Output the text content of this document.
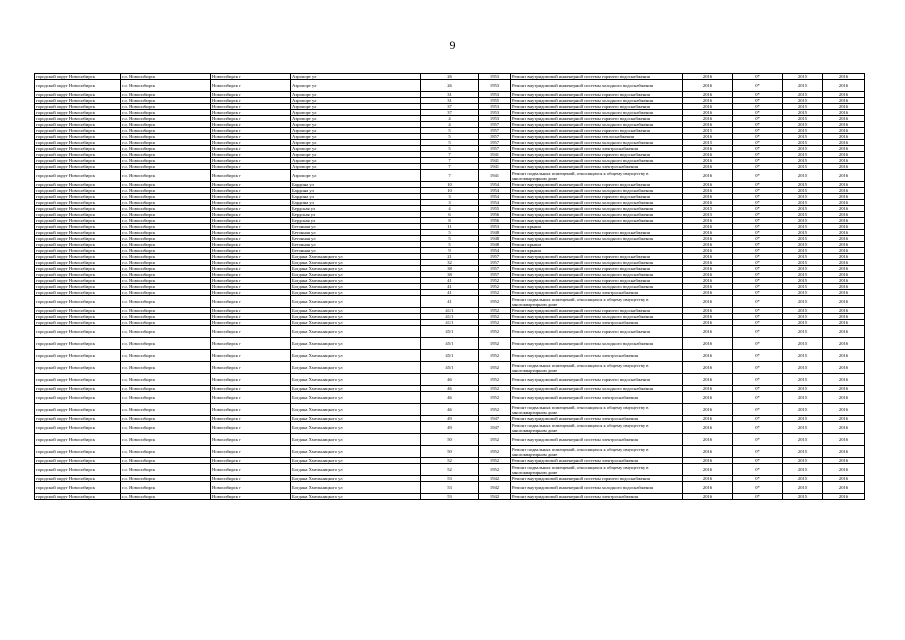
9
городской округ Новосибирск	г.о. Новосибирск	Новосибирск г	Аэропорт ул	26	1953	Ремонт внутридомовой инженерной системы горячего водоснабжения	2016	0*	2015	2016
городской округ Новосибирск	г.о. Новосибирск	Новосибирск г	Аэропорт ул	26	1953	Ремонт внутридомовой инженерной системы холодного водоснабжения	2016	0*	2015	2016
городской округ Новосибирск	г.о. Новосибирск	Новосибирск г	Аэропорт ул	31	1953	Ремонт внутридомовой инженерной системы горячего водоснабжения	2016	0*	2015	2016
городской округ Новосибирск	г.о. Новосибирск	Новосибирск г	Аэропорт ул	31	1955	Ремонт внутридомовой инженерной системы холодного водоснабжения	2016	0*	2015	2016
городской округ Новосибирск	г.о. Новосибирск	Новосибирск г	Аэропорт ул	37	1953	Ремонт внутридомовой инженерной системы горячего водоснабжения	2016	0*	2015	2016
городской округ Новосибирск	г.о. Новосибирск	Новосибирск г	Аэропорт ул	37	1953	Ремонт внутридомовой инженерной системы холодного водоснабжения	2016	0*	2015	2016
городской округ Новосибирск	г.о. Новосибирск	Новосибирск г	Аэропорт ул	4	1953	Ремонт внутридомовой инженерной системы горячего водоснабжения	2016	0*	2015	2016
городской округ Новосибирск	г.о. Новосибирск	Новосибирск г	Аэропорт ул	4	1957	Ремонт внутридомовой инженерной системы холодного водоснабжения	2016	0*	2015	2016
городской округ Новосибирск	г.о. Новосибирск	Новосибирск г	Аэропорт ул	5	1957	Ремонт внутридомовой инженерной системы горячего водоснабжения	2015	0*	2015	2016
городской округ Новосибирск	г.о. Новосибирск	Новосибирск г	Аэропорт ул	5	1857	Ремонт внутридомовой инженерной системы теплоснабжения	2016	0*	2015	2016
городской округ Новосибирск	г.о. Новосибирск	Новосибирск г	Аэропорт ул	5	1957	Ремонт внутридомовой инженерной системы холодного водоснабжения	2015	0*	2015	2016
городской округ Новосибирск	г.о. Новосибирск	Новосибирск г	Аэропорт ул	5	1957	Ремонт внутридомовой инженерной системы электроснабжения	2016	0*	2015	2016
городской округ Новосибирск	г.о. Новосибирск	Новосибирск г	Аэропорт ул	7	1941	Ремонт внутридомовой инженерной системы горячего водоснабжения	2016	0*	2015	2016
городской округ Новосибирск	г.о. Новосибирск	Новосибирск г	Аэропорт ул	7	1941	Ремонт внутридомовой инженерной системы холодного водоснабжения	2016	0*	2015	2016
городской округ Новосибирск	г.о. Новосибирск	Новосибирск г	Аэропорт ул	7	1941	Ремонт внутридомовой инженерной системы электроснабжения	2016	0*	2015	2016
городской округ Новосибирск	г.о. Новосибирск	Новосибирск г	Аэропорт ул	7	1941	Ремонт подвальных помещений, относящихся к общему имуществу в многоквартирном доме	2016	0*	2015	2016
городской округ Новосибирск	г.о. Новосибирск	Новосибирск г	Бардина ул	10	1954	Ремонт внутридомовой инженерной системы горячего водоснабжения	2016	0*	2015	2016
городской округ Новосибирск	г.о. Новосибирск	Новосибирск г	Бардина ул	10	1954	Ремонт внутридомовой инженерной системы холодного водоснабжения	2016	0*	2015	2016
городской округ Новосибирск	г.о. Новосибирск	Новосибирск г	Бардина ул	3	1954	Ремонт внутридомовой инженерной системы горячего водоснабжения	2016	0*	2015	2016
городской округ Новосибирск	г.о. Новосибирск	Новосибирск г	Бардина ул	3	1954	Ремонт внутридомовой инженерной системы холодного водоснабжения	2016	0*	2015	2016
городской округ Новосибирск	г.о. Новосибирск	Новосибирск г	Бердская ул	4	1955	Ремонт внутридомовой инженерной системы холодного водоснабжения	2015	0*	2015	2016
городской округ Новосибирск	г.о. Новосибирск	Новосибирск г	Бердская ул	6	1956	Ремонт внутридомовой инженерной системы холодного водоснабжения	2015	0*	2015	2016
городской округ Новосибирск	г.о. Новосибирск	Новосибирск г	Бердская ул	8	1956	Ремонт внутридомовой инженерной системы холодного водоснабжения	2016	0*	2015	2016
городской округ Новосибирск	г.о. Новосибирск	Новосибирск г	Бетонная ул	11	1953	Ремонт крыши	2016	0*	2015	2016
городской округ Новосибирск	г.о. Новосибирск	Новосибирск г	Бетонная ул	5	1948	Ремонт внутридомовой инженерной системы горячего водоснабжения	2016	0*	2015	2016
городской округ Новосибирск	г.о. Новосибирск	Новосибирск г	Бетонная ул	5	1948	Ремонт внутридомовой инженерной системы холодного водоснабжения	2016	0*	2015	2016
городской округ Новосибирск	г.о. Новосибирск	Новосибирск г	Бетонная ул	5	1948	Ремонт крыши	2016	0*	2015	2016
городской округ Новосибирск	г.о. Новосибирск	Новосибирск г	Бетонная ул	9	1954	Ремонт крыши	2016	0*	2015	2016
городской округ Новосибирск	г.о. Новосибирск	Новосибирск г	Богдана Хмельницкого ул	21	1957	Ремонт внутридомовой инженерной системы горячего водоснабжения	2016	0*	2015	2016
городской округ Новосибирск	г.о. Новосибирск	Новосибирск г	Богдана Хмельницкого ул	32	1957	Ремонт внутридомовой инженерной системы холодного водоснабжения	2016	0*	2015	2016
городской округ Новосибирск	г.о. Новосибирск	Новосибирск г	Богдана Хмельницкого ул	38	1957	Ремонт внутридомовой инженерной системы горячего водоснабжения	2016	0*	2015	2016
городской округ Новосибирск	г.о. Новосибирск	Новосибирск г	Богдана Хмельницкого ул	38	1957	Ремонт внутридомовой инженерной системы холодного водоснабжения	2016	0*	2015	2016
городской округ Новосибирск	г.о. Новосибирск	Новосибирск г	Богдана Хмельницкого ул	41	1952	Ремонт внутридомовой инженерной системы горячего водоснабжения	2016	0*	2015	2016
городской округ Новосибирск	г.о. Новосибирск	Новосибирск г	Богдана Хмельницкого ул	41	1952	Ремонт внутридомовой инженерной системы холодного водоснабжения	2016	0*	2015	2016
городской округ Новосибирск	г.о. Новосибирск	Новосибирск г	Богдана Хмельницкого ул	41	1952	Ремонт внутридомовой инженерной системы электроснабжения	2016	0*	2015	2016
городской округ Новосибирск	г.о. Новосибирск	Новосибирск г	Богдана Хмельницкого ул	41	1952	Ремонт подвальных помещений, относящихся к общему имуществу в многоквартирном доме	2016	0*	2015	2016
городской округ Новосибирск	г.о. Новосибирск	Новосибирск г	Богдана Хмельницкого ул	41/1	1952	Ремонт внутридомовой инженерной системы горячего водоснабжения	2016	0*	2015	2016
городской округ Новосибирск	г.о. Новосибирск	Новосибирск г	Богдана Хмельницкого ул	41/1	1952	Ремонт внутридомовой инженерной системы холодного водоснабжения	2016	0*	2015	2016
городской округ Новосибирск	г.о. Новосибирск	Новосибирск г	Богдана Хмельницкого ул	41/1	1952	Ремонт внутридомовой инженерной системы электроснабжения	2016	0*	2015	2016
городской округ Новосибирск	г.о. Новосибирск	Новосибирск г	Богдана Хмельницкого ул	45/1	1952	Ремонт внутридомовой инженерной системы горячего водоснабжения	2016	0*	2015	2016
городской округ Новосибирск	г.о. Новосибирск	Новосибирск г	Богдана Хмельницкого ул	45/1	1952	Ремонт внутридомовой инженерной системы холодного водоснабжения	2016	0*	2015	2016
городской округ Новосибирск	г.о. Новосибирск	Новосибирск г	Богдана Хмельницкого ул	45/1	1952	Ремонт внутридомовой инженерной системы электроснабжения	2016	0*	2015	2016
городской округ Новосибирск	г.о. Новосибирск	Новосибирск г	Богдана Хмельницкого ул	45/1	1952	Ремонт подвальных помещений, относящихся к общему имуществу в многоквартирном доме	2016	0*	2015	2016
городской округ Новосибирск	г.о. Новосибирск	Новосибирск г	Богдана Хмельницкого ул	46	1952	Ремонт внутридомовой инженерной системы горячего водоснабжения	2016	0*	2015	2016
городской округ Новосибирск	г.о. Новосибирск	Новосибирск г	Богдана Хмельницкого ул	46	1952	Ремонт внутридомовой инженерной системы холодного водоснабжения	2016	0*	2015	2016
городской округ Новосибирск	г.о. Новосибирск	Новосибирск г	Богдана Хмельницкого ул	46	1952	Ремонт внутридомовой инженерной системы электроснабжения	2016	0*	2015	2016
городской округ Новосибирск	г.о. Новосибирск	Новосибирск г	Богдана Хмельницкого ул	46	1952	Ремонт подвальных помещений, относящихся к общему имуществу в многоквартирном доме	2016	0*	2015	2016
городской округ Новосибирск	г.о. Новосибирск	Новосибирск г	Богдана Хмельницкого ул	49	1947	Ремонт внутридомовой инженерной системы электроснабжения	2016	0*	2015	2016
городской округ Новосибирск	г.о. Новосибирск	Новосибирск г	Богдана Хмельницкого ул	49	1947	Ремонт подвальных помещений, относящихся к общему имуществу в многоквартирном доме	2016	0*	2015	2016
городской округ Новосибирск	г.о. Новосибирск	Новосибирск г	Богдана Хмельницкого ул	50	1952	Ремонт внутридомовой инженерной системы электроснабжения	2016	0*	2015	2016
городской округ Новосибирск	г.о. Новосибирск	Новосибирск г	Богдана Хмельницкого ул	50	1952	Ремонт подвальных помещений, относящихся к общему имуществу в многоквартирном доме	2016	0*	2015	2016
городской округ Новосибирск	г.о. Новосибирск	Новосибирск г	Богдана Хмельницкого ул	52	1952	Ремонт внутридомовой инженерной системы электроснабжения	2016	0*	2015	2016
городской округ Новосибирск	г.о. Новосибирск	Новосибирск г	Богдана Хмельницкого ул	52	1952	Ремонт подвальных помещений, относящихся к общему имуществу в многоквартирном доме	2016	0*	2015	2016
городской округ Новосибирск	г.о. Новосибирск	Новосибирск г	Богдана Хмельницкого ул	53	1942	Ремонт внутридомовой инженерной системы горячего водоснабжения	2016	0*	2015	2016
городской округ Новосибирск	г.о. Новосибирск	Новосибирск г	Богдана Хмельницкого ул	53	1942	Ремонт внутридомовой инженерной системы холодного водоснабжения	2016	0*	2015	2016
городской округ Новосибирск	г.о. Новосибирск	Новосибирск г	Богдана Хмельницкого ул	53	1942	Ремонт внутридомовой инженерной системы электроснабжения	2016	0*	2015	2016
